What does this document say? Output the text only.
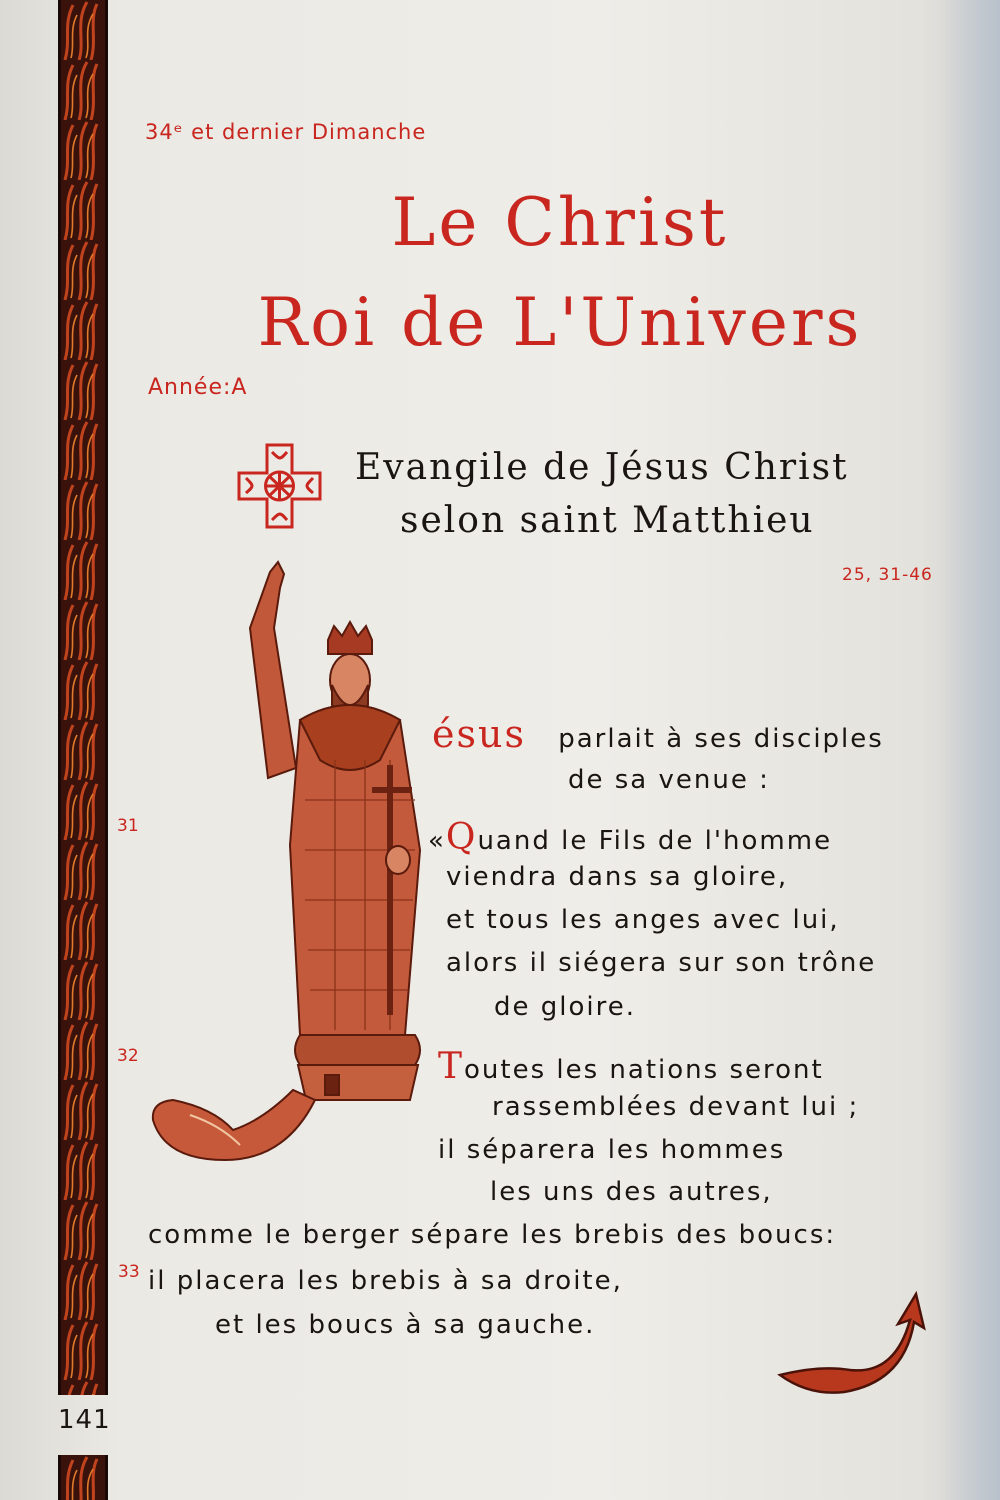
34ᵉ et dernier Dimanche
Le Christ
Roi de L'Univers
Année:A
Evangile de Jésus Christ
selon saint Matthieu
25, 31-46
ésus parlait à ses disciples
de sa venue :
31	«Quand le Fils de l'homme
viendra dans sa gloire,
et tous les anges avec lui,
alors il siégera sur son trône
de gloire.
32	Toutes les nations seront
rassemblées devant lui ;
il séparera les hommes
les uns des autres,
comme le berger sépare les brebis des boucs:
33 il placera les brebis à sa droite,
et les boucs à sa gauche.
141
